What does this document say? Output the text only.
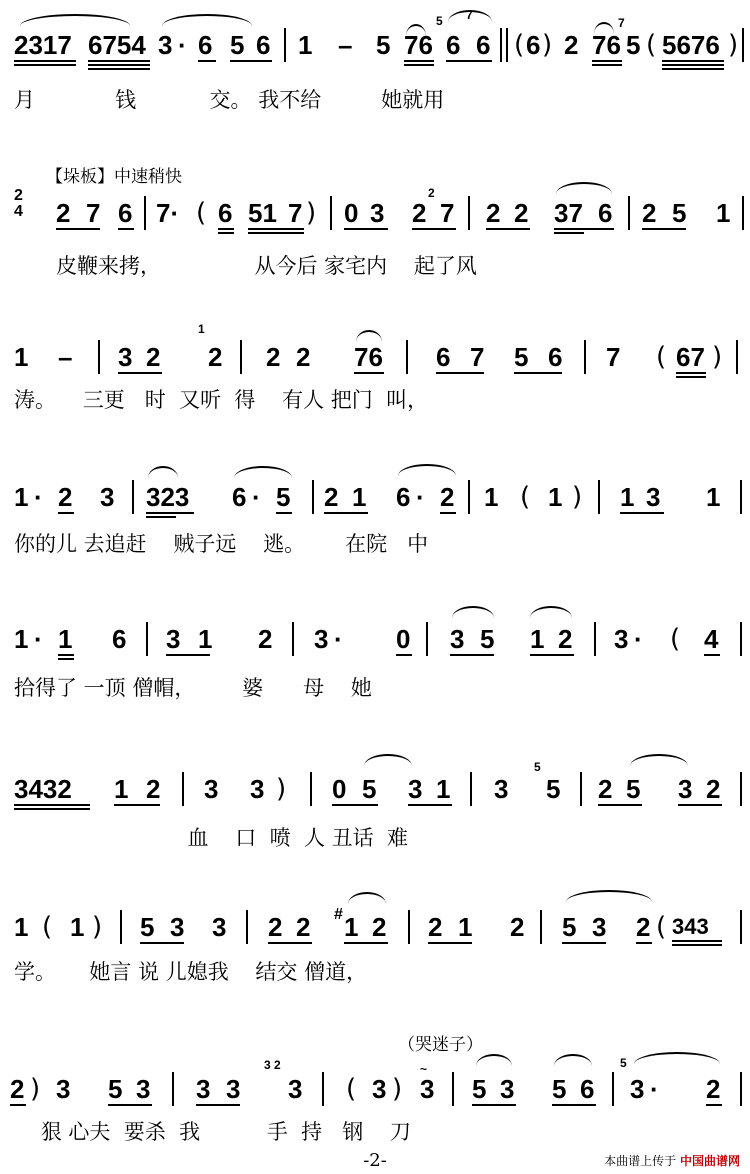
2317 6754 3 · 6 5 6 1 – 5 76
5
6
7
6 ( 6 ) 2 76
7
5 ( 5676 )
月            钱           交。 我不给         她就用
【垛板】中速稍快
2
4 2 7 6 7· ( 6 51 7 ) 0 3 2
2
7 2 2 37 6 2 5 1
皮鞭来拷，              从今后 家宅内    起了风
1 – 3 2
1
2 2 2 76 6 7 5 6 7 ( 67 )
涛。    三更   时  又听  得    有人 把门  叫，
1 · 2 3 323 6 · 5 2 1 6 · 2 1 ( 1 ) 1 3 1
你的儿 去追赶    贼子远    逃。      在院   中
1 · 1 6 3 1 2 3 · 0 3 5 1 2 3 · ( 4
拾得了 一顶 僧帽，       婆      母    她
3432 1 2 3 3 ) 0 5 3 1 3
5
5 2 5 3 2
血    口  喷  人 丑话  难
1 ( 1 ) 5 3 3 2 2 # 1 2 2 1 2 5 3 2 ( 343
学。     她言 说 儿媳我    结交 僧道，
（哭迷子）
2 ) 3 5 3 3 3
3 2
3 ( 3 )
~
3 5 3 5 6
5
3 · 2
狠 心夫  要杀  我          手  持   钢    刀
-2-	本曲谱上传于 中国曲谱网
